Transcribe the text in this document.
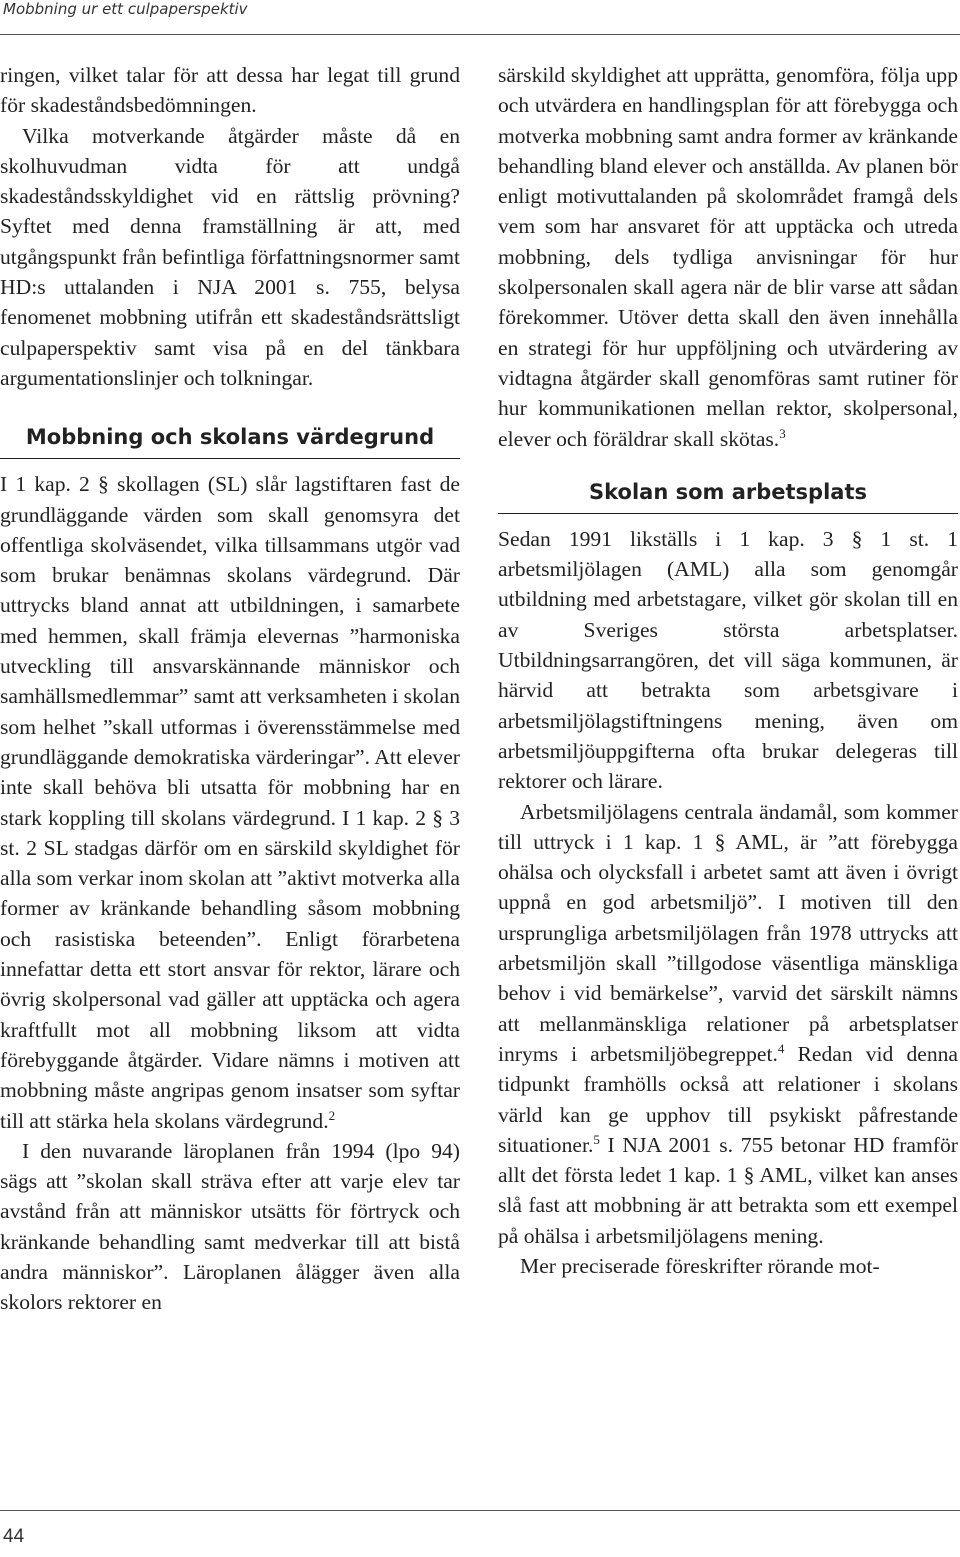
Mobbning ur ett culpaperspektiv

ringen, vilket talar för att dessa har legat till grund för skadeståndsbedömningen.

Vilka motverkande åtgärder måste då en skolhuvudman vidta för att undgå skadeståndsskyldighet vid en rättslig prövning? Syftet med denna framställning är att, med utgångspunkt från befintliga författningsnormer samt HD:s uttalanden i NJA 2001 s. 755, belysa fenomenet mobbning utifrån ett skadeståndsrättsligt culpaperspektiv samt visa på en del tänkbara argumentationslinjer och tolkningar.

Mobbning och skolans värdegrund

I 1 kap. 2 § skollagen (SL) slår lagstiftaren fast de grundläggande värden som skall genomsyra det offentliga skolväsendet, vilka tillsammans utgör vad som brukar benämnas skolans värdegrund. Där uttrycks bland annat att utbildningen, i samarbete med hemmen, skall främja elevernas ”harmoniska utveckling till ansvarskännande människor och samhällsmedlemmar” samt att verksamheten i skolan som helhet ”skall utformas i överensstämmelse med grundläggande demokratiska värderingar”. Att elever inte skall behöva bli utsatta för mobbning har en stark koppling till skolans värdegrund. I 1 kap. 2 § 3 st. 2 SL stadgas därför om en särskild skyldighet för alla som verkar inom skolan att ”aktivt motverka alla former av kränkande behandling såsom mobbning och rasistiska beteenden”. Enligt förarbetena innefattar detta ett stort ansvar för rektor, lärare och övrig skolpersonal vad gäller att upptäcka och agera kraftfullt mot all mobbning liksom att vidta förebyggande åtgärder. Vidare nämns i motiven att mobbning måste angripas genom insatser som syftar till att stärka hela skolans värdegrund.$^2$

I den nuvarande läroplanen från 1994 (lpo 94) sägs att ”skolan skall sträva efter att varje elev tar avstånd från att människor utsätts för förtryck och kränkande behandling samt medverkar till att bistå andra människor”. Läroplanen ålägger även alla skolors rektorer en

särskild skyldighet att upprätta, genomföra, följa upp och utvärdera en handlingsplan för att förebygga och motverka mobbning samt andra former av kränkande behandling bland elever och anställda. Av planen bör enligt motivuttalanden på skolområdet framgå dels vem som har ansvaret för att upptäcka och utreda mobbning, dels tydliga anvisningar för hur skolpersonalen skall agera när de blir varse att sådan förekommer. Utöver detta skall den även innehålla en strategi för hur uppföljning och utvärdering av vidtagna åtgärder skall genomföras samt rutiner för hur kommunikationen mellan rektor, skolpersonal, elever och föräldrar skall skötas.$^3$

Skolan som arbetsplats

Sedan 1991 likställs i 1 kap. 3 § 1 st. 1 arbetsmiljölagen (AML) alla som genomgår utbildning med arbetstagare, vilket gör skolan till en av Sveriges största arbetsplatser. Utbildningsarrangören, det vill säga kommunen, är härvid att betrakta som arbetsgivare i arbetsmiljölagstiftningens mening, även om arbetsmiljöuppgifterna ofta brukar delegeras till rektorer och lärare.

Arbetsmiljölagens centrala ändamål, som kommer till uttryck i 1 kap. 1 § AML, är ”att förebygga ohälsa och olycksfall i arbetet samt att även i övrigt uppnå en god arbetsmiljö”. I motiven till den ursprungliga arbetsmiljölagen från 1978 uttrycks att arbetsmiljön skall ”tillgodose väsentliga mänskliga behov i vid bemärkelse”, varvid det särskilt nämns att mellanmänskliga relationer på arbetsplatser inryms i arbetsmiljöbegreppet.$^4$ Redan vid denna tidpunkt framhölls också att relationer i skolans värld kan ge upphov till psykiskt påfrestande situationer.$^5$ I NJA 2001 s. 755 betonar HD framför allt det första ledet 1 kap. 1 § AML, vilket kan anses slå fast att mobbning är att betrakta som ett exempel på ohälsa i arbetsmiljölagens mening.

Mer preciserade föreskrifter rörande mot-

44
